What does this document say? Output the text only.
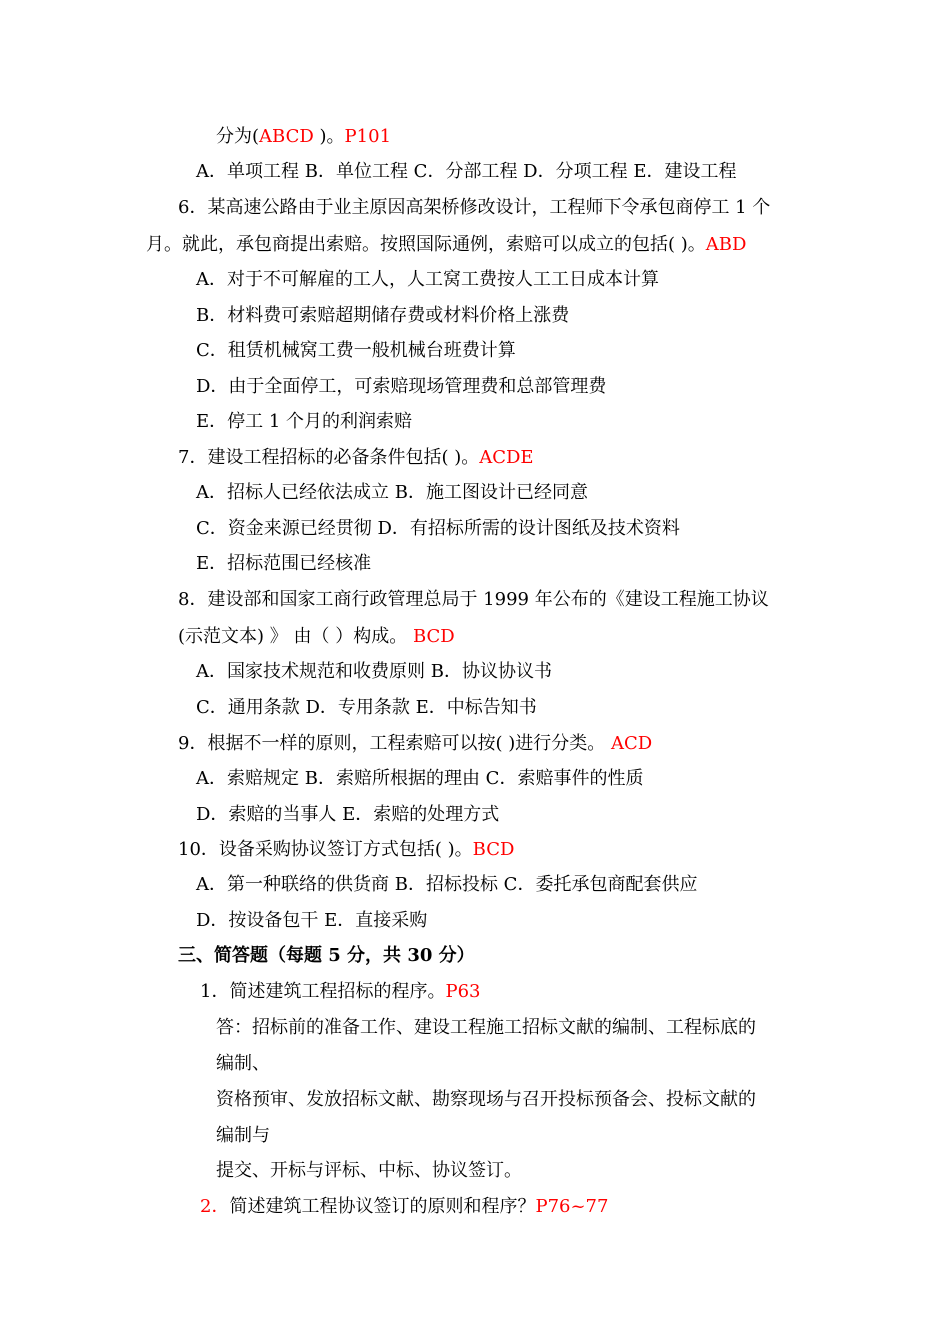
分为(ABCD )。P101
A．单项工程 B．单位工程 C．分部工程 D．分项工程 E．建设工程
6．某高速公路由于业主原因高架桥修改设计，工程师下令承包商停工 1 个
月。就此，承包商提出索赔。按照国际通例，索赔可以成立的包括( )。ABD
A．对于不可解雇的工人，人工窝工费按人工工日成本计算
B．材料费可索赔超期储存费或材料价格上涨费
C．租赁机械窝工费一般机械台班费计算
D．由于全面停工，可索赔现场管理费和总部管理费
E．停工 1 个月的利润索赔
7．建设工程招标的必备条件包括( )。ACDE
A．招标人已经依法成立 B．施工图设计已经同意
C．资金来源已经贯彻 D．有招标所需的设计图纸及技术资料
E．招标范围已经核准
8．建设部和国家工商行政管理总局于 1999 年公布的《建设工程施工协议
(示范文本) 》 由（ ）构成。 BCD
A．国家技术规范和收费原则 B．协议协议书
C．通用条款 D．专用条款 E．中标告知书
9．根据不一样的原则，工程索赔可以按( )进行分类。 ACD
A．索赔规定 B．索赔所根据的理由 C．索赔事件的性质
D．索赔的当事人 E．索赔的处理方式
10．设备采购协议签订方式包括( )。BCD
A．第一种联络的供货商 B．招标投标 C．委托承包商配套供应
D．按设备包干 E．直接采购
三、简答题（每题 5 分，共 30 分）
1．简述建筑工程招标的程序。P63
答：招标前的准备工作、建设工程施工招标文献的编制、工程标底的
编制、
资格预审、发放招标文献、勘察现场与召开投标预备会、投标文献的
编制与
提交、开标与评标、中标、协议签订。
2．简述建筑工程协议签订的原则和程序？P76~77
